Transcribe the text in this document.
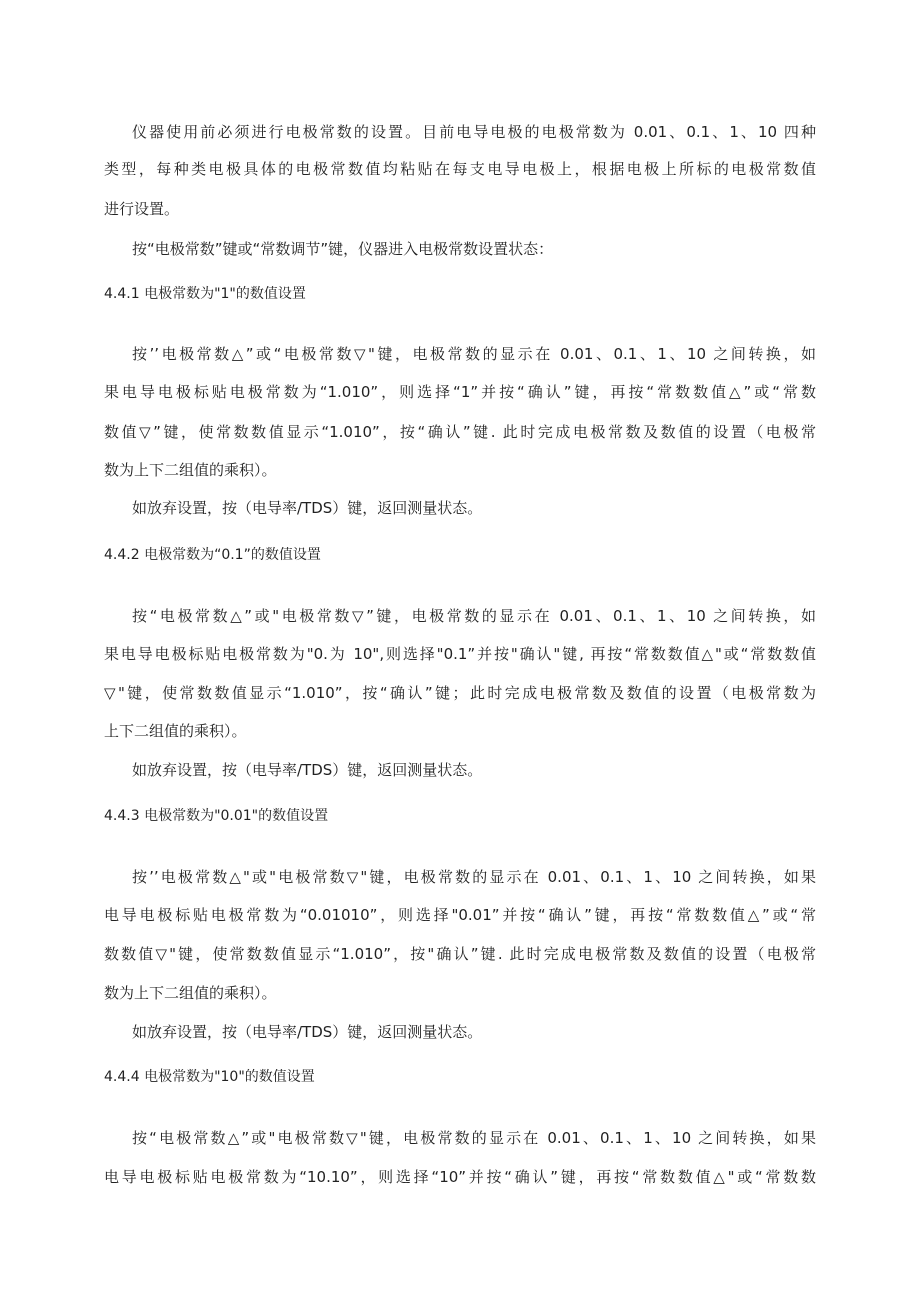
仪器使用前必须进行电极常数的设置。目前电导电极的电极常数为 0.01、0.1、1、10 四种
类型，每种类电极具体的电极常数值均粘贴在每支电导电极上，根据电极上所标的电极常数值
进行设置。
按“电极常数”键或“常数调节”键，仪器进入电极常数设置状态：
4.4.1 电极常数为"1"的数值设置
按’’电极常数△”或“电极常数▽"键，电极常数的显示在 0.01、0.1、1、10 之间转换，如
果电导电极标贴电极常数为“1.010”，则选择“1”并按“确认”键，再按“常数数值△”或“常数
数值▽”键，使常数数值显示“1.010”，按“确认”键. 此时完成电极常数及数值的设置（电极常
数为上下二组值的乘积）。
如放弃设置，按（电导率/TDS）键，返回测量状态。
4.4.2 电极常数为“0.1”的数值设置
按“电极常数△”或"电极常数▽”键，电极常数的显示在 0.01、0.1、1、10 之间转换，如
果电导电极标贴电极常数为"0.为 10",则选择"0.1”并按"确认"键, 再按“常数数值△"或“常数数值
▽"键，使常数数值显示“1.010”，按“确认”键；此时完成电极常数及数值的设置（电极常数为
上下二组值的乘积）。
如放弃设置，按（电导率/TDS）键，返回测量状态。
4.4.3 电极常数为"0.01"的数值设置
按’’电极常数△"或"电极常数▽"键，电极常数的显示在 0.01、0.1、1、10 之间转换，如果
电导电极标贴电极常数为“0.01010”，则选择"0.01”并按“确认”键，再按“常数数值△”或“常
数数值▽"键，使常数数值显示“1.010”，按"确认”键. 此时完成电极常数及数值的设置（电极常
数为上下二组值的乘积）。
如放弃设置，按（电导率/TDS）键，返回测量状态。
4.4.4 电极常数为"10"的数值设置
按“电极常数△”或"电极常数▽"键，电极常数的显示在 0.01、0.1、1、10 之间转换，如果
电导电极标贴电极常数为“10.10”，则选择“10”并按“确认”键，再按“常数数值△"或“常数数
